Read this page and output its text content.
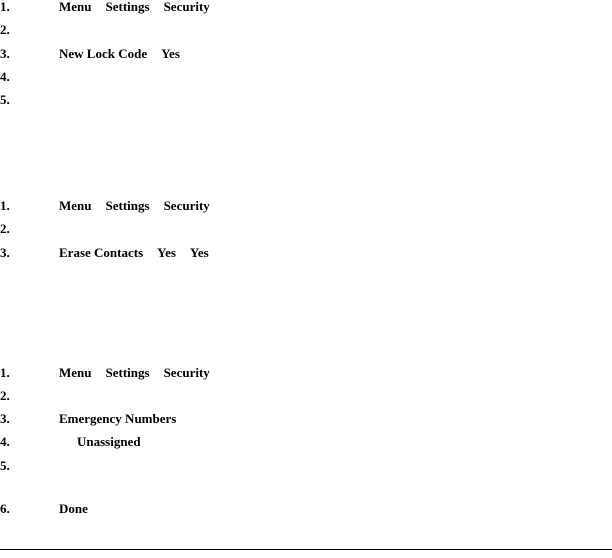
1.	Menu Settings Security
2.
3.	New Lock Code Yes
4.
5.
1.	Menu Settings Security
2.
3.	Erase Contacts Yes Yes
1.	Menu Settings Security
2.
3.	Emergency Numbers
4.	Unassigned
5.
6.	Done
